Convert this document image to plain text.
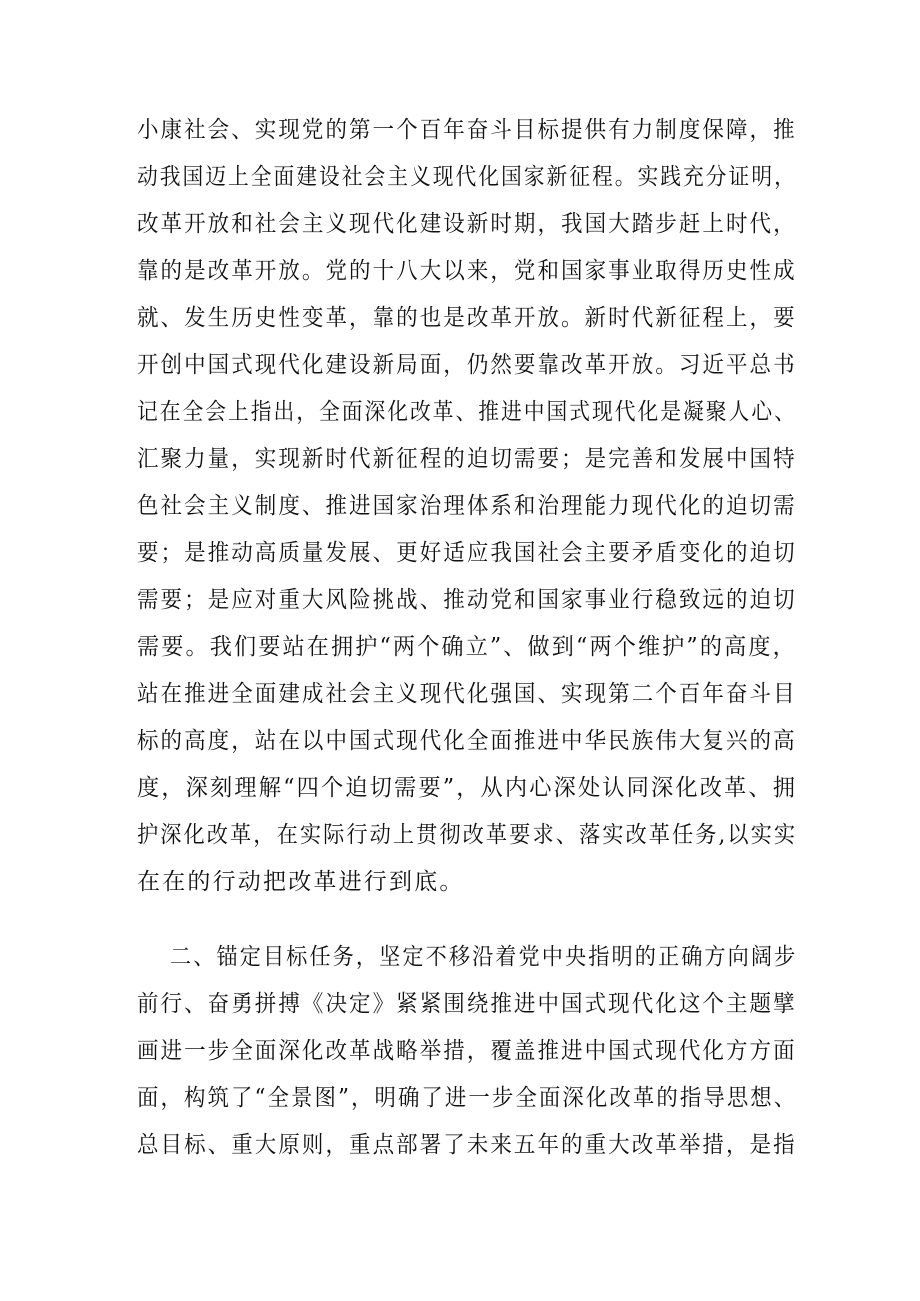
小康社会、实现党的第一个百年奋斗目标提供有力制度保障，推
动我国迈上全面建设社会主义现代化国家新征程。实践充分证明，
改革开放和社会主义现代化建设新时期，我国大踏步赶上时代，
靠的是改革开放。党的十八大以来，党和国家事业取得历史性成
就、发生历史性变革，靠的也是改革开放。新时代新征程上，要
开创中国式现代化建设新局面，仍然要靠改革开放。习近平总书
记在全会上指出，全面深化改革、推进中国式现代化是凝聚人心、
汇聚力量，实现新时代新征程的迫切需要；是完善和发展中国特
色社会主义制度、推进国家治理体系和治理能力现代化的迫切需
要；是推动高质量发展、更好适应我国社会主要矛盾变化的迫切
需要；是应对重大风险挑战、推动党和国家事业行稳致远的迫切
需要。我们要站在拥护“两个确立”、做到“两个维护”的高度，
站在推进全面建成社会主义现代化强国、实现第二个百年奋斗目
标的高度，站在以中国式现代化全面推进中华民族伟大复兴的高
度，深刻理解“四个迫切需要”，从内心深处认同深化改革、拥
护深化改革，在实际行动上贯彻改革要求、落实改革任务,以实实
在在的行动把改革进行到底。
二、锚定目标任务，坚定不移沿着党中央指明的正确方向阔步
前行、奋勇拼搏《决定》紧紧围绕推进中国式现代化这个主题擘
画进一步全面深化改革战略举措，覆盖推进中国式现代化方方面
面，构筑了“全景图”，明确了进一步全面深化改革的指导思想、
总目标、重大原则，重点部署了未来五年的重大改革举措，是指
